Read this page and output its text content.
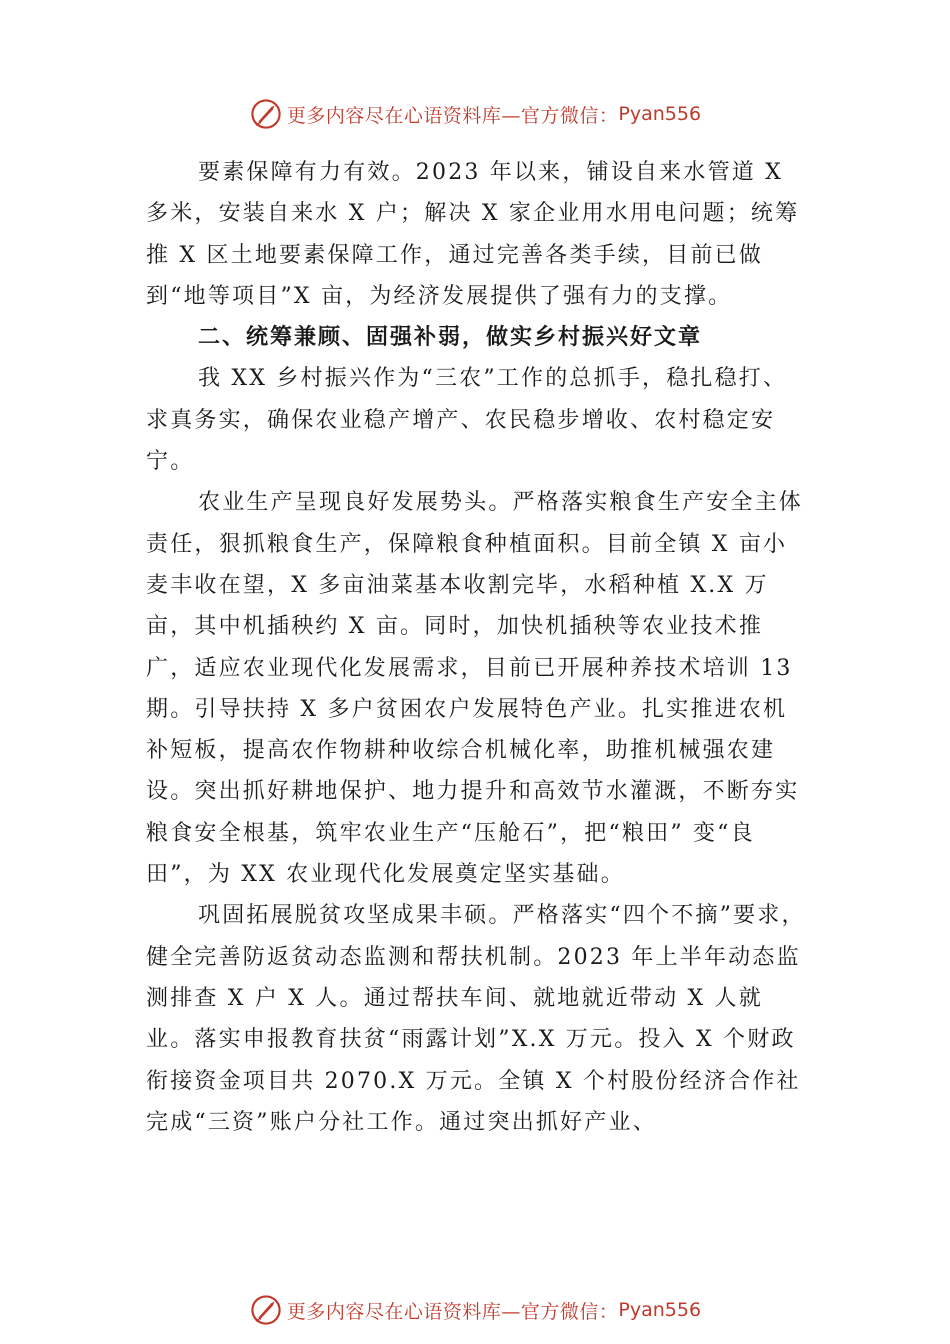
更多内容尽在心语资料库—官方微信： Pyan556

要素保障有力有效。2023 年以来，铺设自来水管道 X 多米，安装自来水 X 户；解决 X 家企业用水用电问题；统筹推 X 区土地要素保障工作，通过完善各类手续，目前已做到“地等项目”X 亩，为经济发展提供了强有力的支撑。

二、统筹兼顾、固强补弱，做实乡村振兴好文章

我 XX 乡村振兴作为“三农”工作的总抓手，稳扎稳打、求真务实，确保农业稳产增产、农民稳步增收、农村稳定安宁。

农业生产呈现良好发展势头。严格落实粮食生产安全主体责任，狠抓粮食生产，保障粮食种植面积。目前全镇 X 亩小麦丰收在望，X 多亩油菜基本收割完毕，水稻种植 X.X 万亩，其中机插秧约 X 亩。同时，加快机插秧等农业技术推广，适应农业现代化发展需求，目前已开展种养技术培训 13 期。引导扶持 X 多户贫困农户发展特色产业。扎实推进农机补短板，提高农作物耕种收综合机械化率，助推机械强农建设。突出抓好耕地保护、地力提升和高效节水灌溉，不断夯实粮食安全根基，筑牢农业生产“压舱石”，把“粮田” 变“良田”，为 XX 农业现代化发展奠定坚实基础。

巩固拓展脱贫攻坚成果丰硕。严格落实“四个不摘”要求，健全完善防返贫动态监测和帮扶机制。2023 年上半年动态监测排查 X 户 X 人。通过帮扶车间、就地就近带动 X 人就业。落实申报教育扶贫“雨露计划”X.X 万元。投入 X 个财政衔接资金项目共 2070.X 万元。全镇 X 个村股份经济合作社完成“三资”账户分社工作。通过突出抓好产业、

更多内容尽在心语资料库—官方微信： Pyan556
